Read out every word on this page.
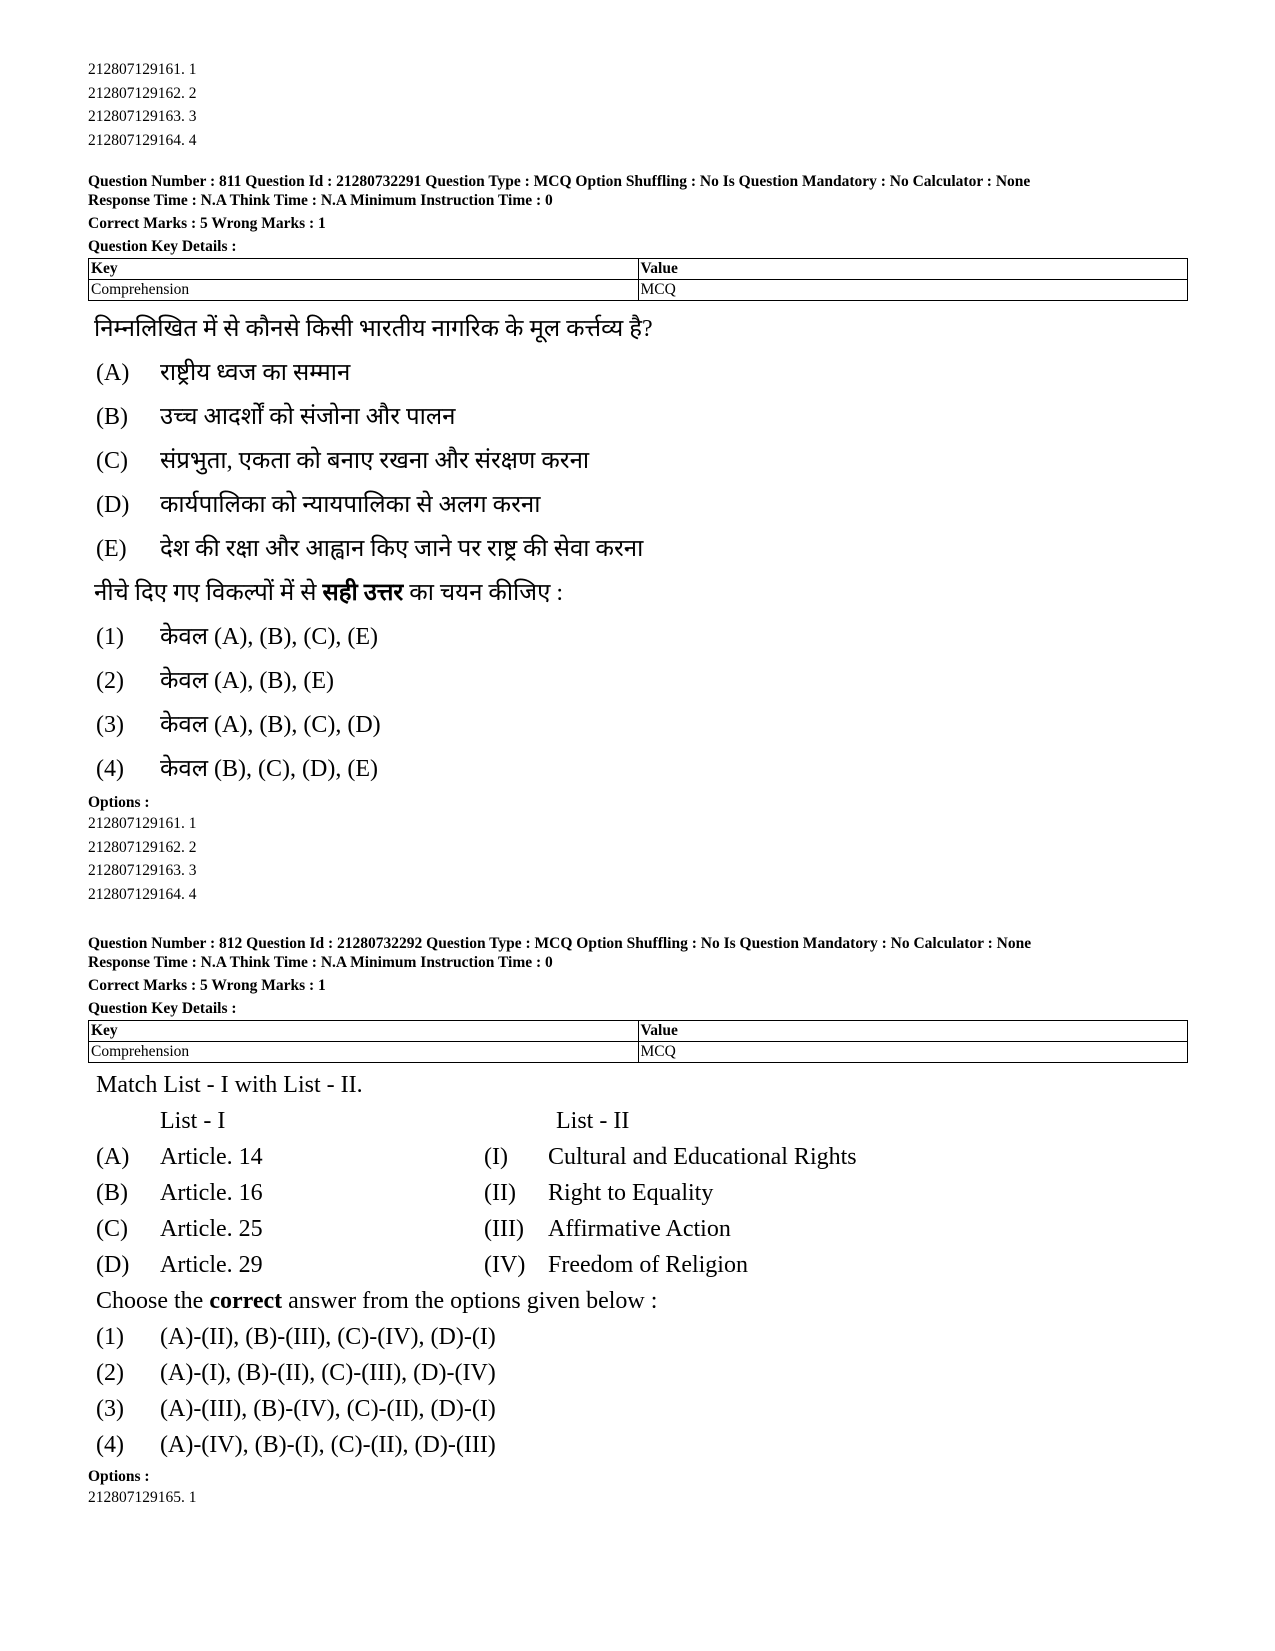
212807129161. 1
212807129162. 2
212807129163. 3
212807129164. 4
Question Number : 811 Question Id : 21280732291 Question Type : MCQ Option Shuffling : No Is Question Mandatory : No Calculator : None
Response Time : N.A Think Time : N.A Minimum Instruction Time : 0
Correct Marks : 5 Wrong Marks : 1
Question Key Details :
Key	Value
Comprehension	MCQ
निम्नलिखित में से कौनसे किसी भारतीय नागरिक के मूल कर्त्तव्य है?
(A) राष्ट्रीय ध्वज का सम्मान
(B) उच्च आदर्शों को संजोना और पालन
(C) संप्रभुता, एकता को बनाए रखना और संरक्षण करना
(D) कार्यपालिका को न्यायपालिका से अलग करना
(E) देश की रक्षा और आह्वान किए जाने पर राष्ट्र की सेवा करना
नीचे दिए गए विकल्पों में से सही उत्तर का चयन कीजिए :
(1) केवल (A), (B), (C), (E)
(2) केवल (A), (B), (E)
(3) केवल (A), (B), (C), (D)
(4) केवल (B), (C), (D), (E)
Options :
212807129161. 1
212807129162. 2
212807129163. 3
212807129164. 4
Question Number : 812 Question Id : 21280732292 Question Type : MCQ Option Shuffling : No Is Question Mandatory : No Calculator : None
Response Time : N.A Think Time : N.A Minimum Instruction Time : 0
Correct Marks : 5 Wrong Marks : 1
Question Key Details :
Key	Value
Comprehension	MCQ
Match List - I with List - II.
List - I	List - II
(A) Article. 14	(I) Cultural and Educational Rights
(B) Article. 16	(II) Right to Equality
(C) Article. 25	(III) Affirmative Action
(D) Article. 29	(IV) Freedom of Religion
Choose the correct answer from the options given below :
(1) (A)-(II), (B)-(III), (C)-(IV), (D)-(I)
(2) (A)-(I), (B)-(II), (C)-(III), (D)-(IV)
(3) (A)-(III), (B)-(IV), (C)-(II), (D)-(I)
(4) (A)-(IV), (B)-(I), (C)-(II), (D)-(III)
Options :
212807129165. 1
